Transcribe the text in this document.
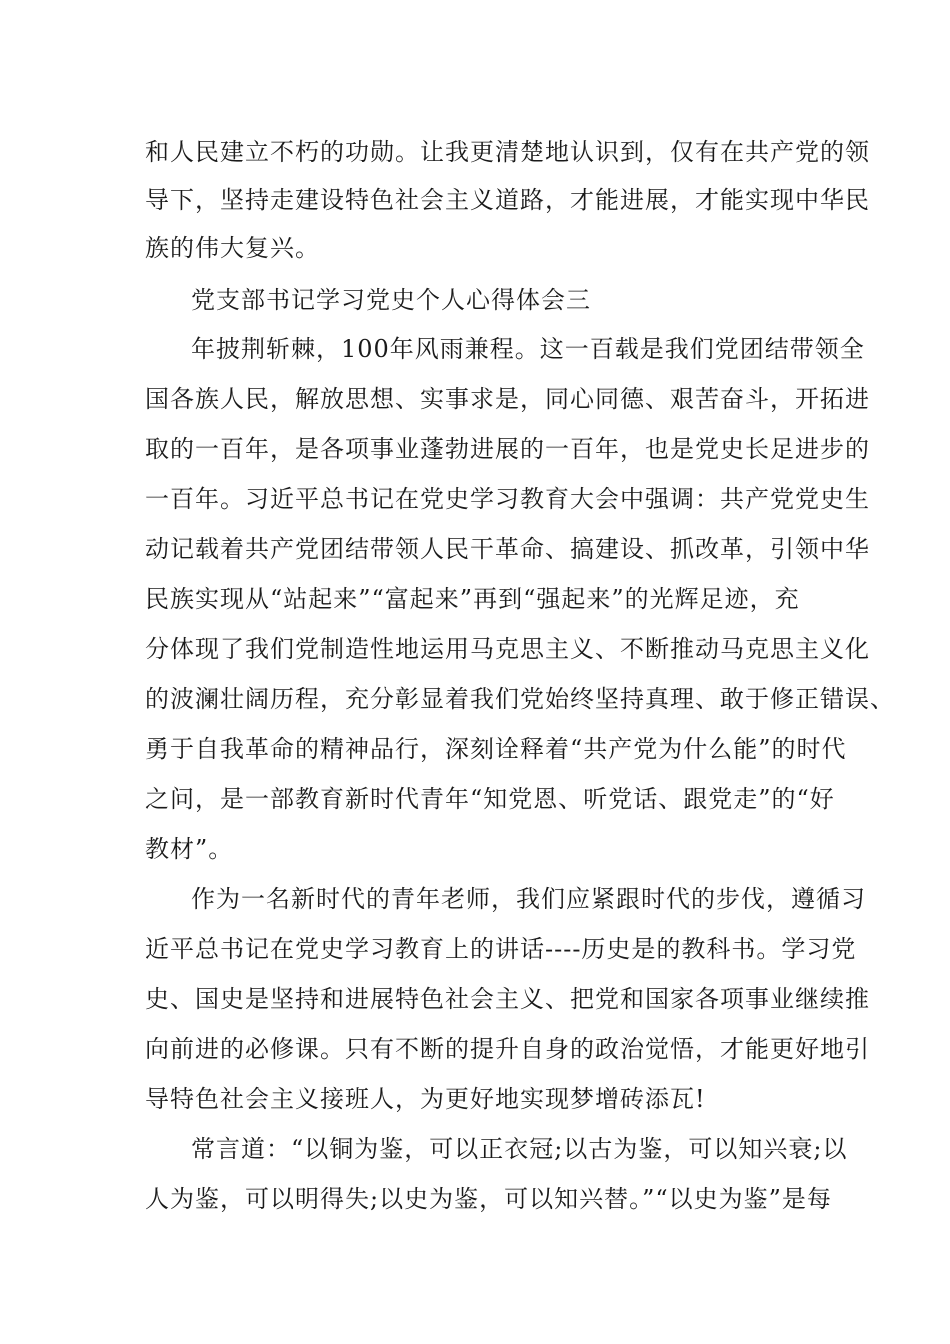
和人民建立不朽的功勋。让我更清楚地认识到，仅有在共产党的领
导下，坚持走建设特色社会主义道路，才能进展，才能实现中华民
族的伟大复兴。
党支部书记学习党史个人心得体会三
年披荆斩棘，100年风雨兼程。这一百载是我们党团结带领全
国各族人民，解放思想、实事求是，同心同德、艰苦奋斗，开拓进
取的一百年，是各项事业蓬勃进展的一百年，也是党史长足进步的
一百年。习近平总书记在党史学习教育大会中强调：共产党党史生
动记载着共产党团结带领人民干革命、搞建设、抓改革，引领中华
民族实现从“站起来”“富起来”再到“强起来”的光辉足迹，充
分体现了我们党制造性地运用马克思主义、不断推动马克思主义化
的波澜壮阔历程，充分彰显着我们党始终坚持真理、敢于修正错误、
勇于自我革命的精神品行，深刻诠释着“共产党为什么能”的时代
之问，是一部教育新时代青年“知党恩、听党话、跟党走”的“好
教材”。
作为一名新时代的青年老师，我们应紧跟时代的步伐，遵循习
近平总书记在党史学习教育上的讲话----历史是的教科书。学习党
史、国史是坚持和进展特色社会主义、把党和国家各项事业继续推
向前进的必修课。只有不断的提升自身的政治觉悟，才能更好地引
导特色社会主义接班人，为更好地实现梦增砖添瓦!
常言道：“以铜为鉴，可以正衣冠;以古为鉴，可以知兴衰;以
人为鉴，可以明得失;以史为鉴，可以知兴替。”“以史为鉴”是每
